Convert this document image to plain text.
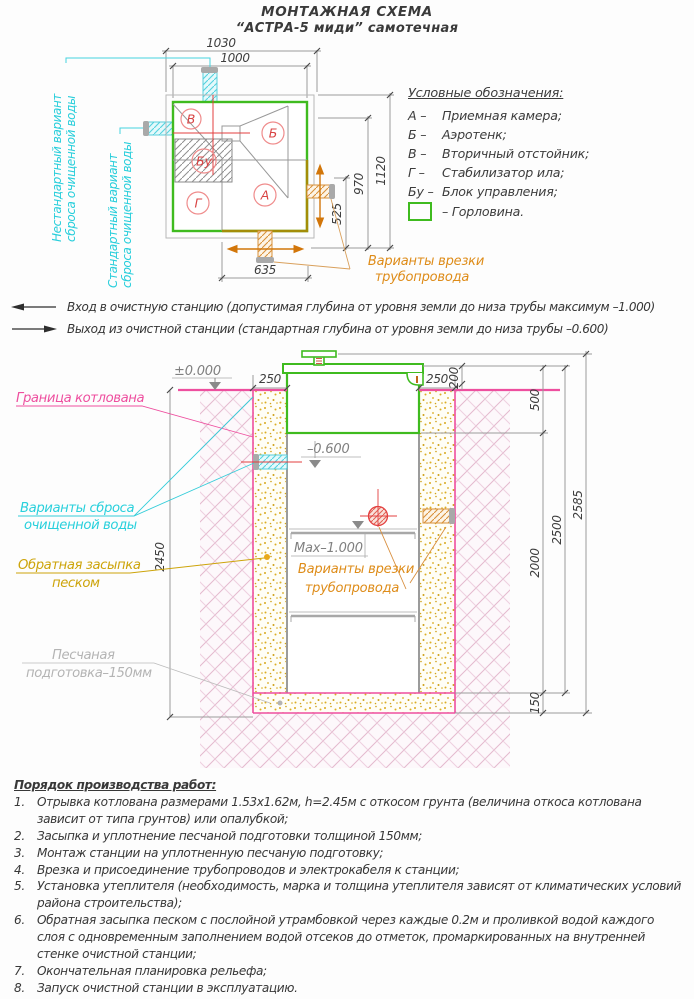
МОНТАЖНАЯ СХЕМА
“АСТРА-5 миди” самотечная
1030
1000
1120
970
525
635
Нестандартный вариант сброса очищенной воды Стандартный вариант сброса очищенной воды
В
Б
Бу
Г
А
Варианты врезки
трубопровода
Условные обозначения:
А –	Приемная камера;
Б –	Аэротенк;
В –	Вторичный отстойник;
Г –	Стабилизатор ила;
Бу – Блок управления;
– Горловина.
Вход в очистную станцию (допустимая глубина от уровня земли до низа трубы максимум –1.000)
Выход из очистной станции (стандартная глубина от уровня земли до низа трубы –0.600)
±0.000
–0.600
Max–1.000
250	250
200
500
2000
2500
2585
150
2450
Граница котлована
Варианты сброса
очищенной воды
Обратная засыпка
песком
Песчаная
подготовка–150мм
Варианты врезки
трубопровода
Порядок производства работ:
1.	Отрывка котлована размерами 1.53х1.62м, h=2.45м с откосом грунта (величина откоса котлована зависит от типа грунтов) или опалубкой;
2.	Засыпка и уплотнение песчаной подготовки толщиной 150мм;
3.	Монтаж станции на уплотненную песчаную подготовку;
4.	Врезка и присоединение трубопроводов и электрокабеля к станции;
5.	Установка утеплителя (необходимость, марка и толщина утеплителя зависят от климатических условий района строительства);
6.	Обратная засыпка песком с послойной утрамбовкой через каждые 0.2м и проливкой водой каждого слоя с одновременным заполнением водой отсеков до отметок, промаркированных на внутренней стенке очистной станции;
7.	Окончательная планировка рельефа;
8.	Запуск очистной станции в эксплуатацию.
